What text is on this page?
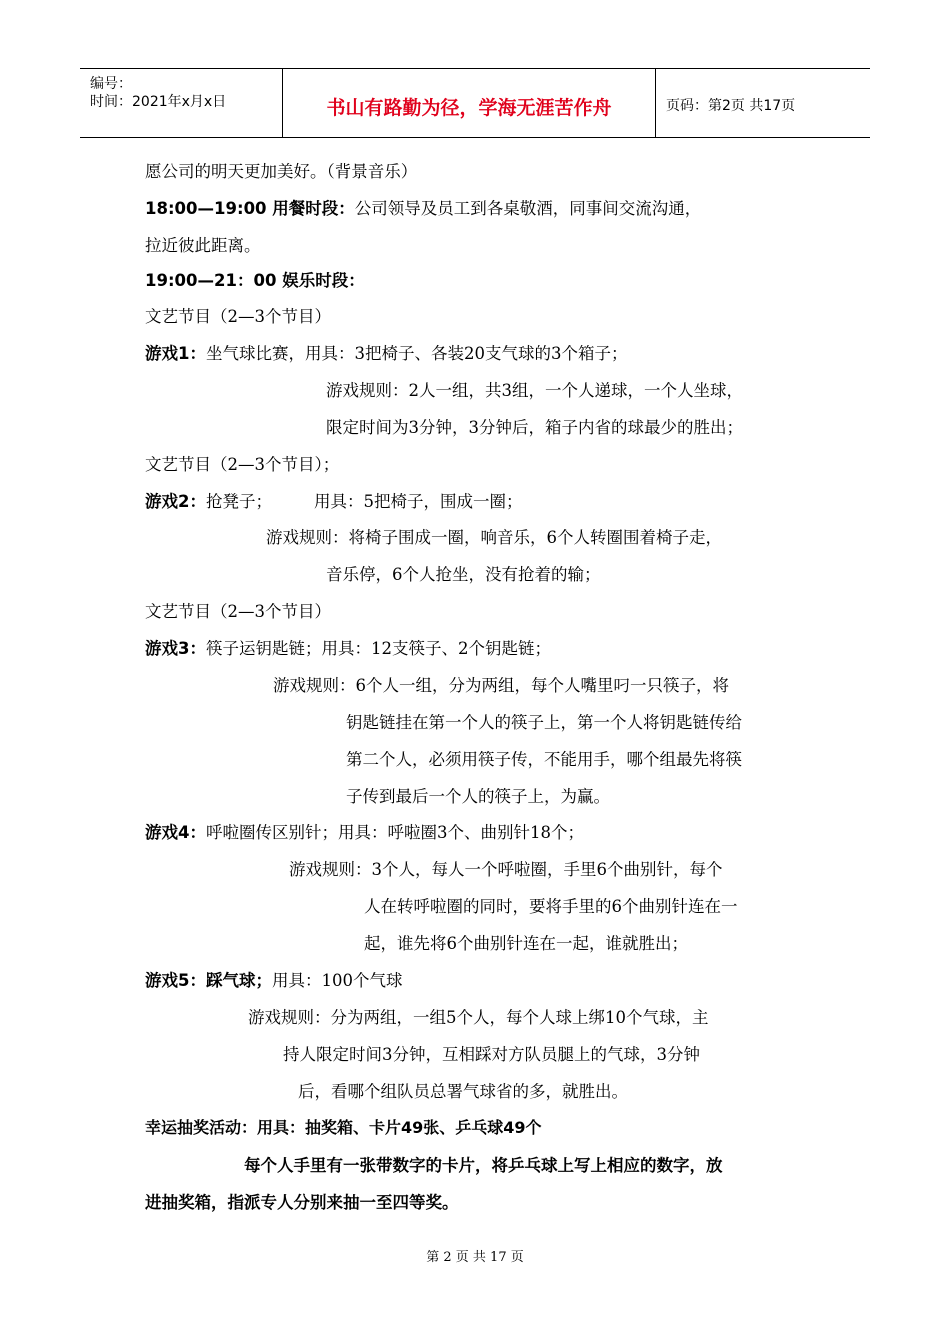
编号：
时间：2021年x月x日	书山有路勤为径，学海无涯苦作舟	页码：第2页 共17页
愿公司的明天更加美好。（背景音乐）
18:00—19:00 用餐时段：公司领导及员工到各桌敬酒，同事间交流沟通，
拉近彼此距离。
19:00—21：00 娱乐时段：
文艺节目（2—3个节目）
游戏1：坐气球比赛，用具：3把椅子、各装20支气球的3个箱子；
游戏规则：2人一组，共3组，一个人递球，一个人坐球，
限定时间为3分钟，3分钟后，箱子内省的球最少的胜出；
文艺节目（2—3个节目）；
游戏2：抢凳子；        用具：5把椅子，围成一圈；
游戏规则：将椅子围成一圈，响音乐，6个人转圈围着椅子走，
音乐停，6个人抢坐，没有抢着的输；
文艺节目（2—3个节目）
游戏3：筷子运钥匙链；用具：12支筷子、2个钥匙链；
游戏规则：6个人一组，分为两组，每个人嘴里叼一只筷子，将
钥匙链挂在第一个人的筷子上，第一个人将钥匙链传给
第二个人，必须用筷子传，不能用手，哪个组最先将筷
子传到最后一个人的筷子上，为赢。
游戏4：呼啦圈传区别针；用具：呼啦圈3个、曲别针18个；
游戏规则：3个人，每人一个呼啦圈，手里6个曲别针，每个
人在转呼啦圈的同时，要将手里的6个曲别针连在一
起，谁先将6个曲别针连在一起，谁就胜出；
游戏5：踩气球；用具：100个气球
游戏规则：分为两组，一组5个人，每个人球上绑10个气球，主
持人限定时间3分钟，互相踩对方队员腿上的气球，3分钟
后，看哪个组队员总署气球省的多，就胜出。
幸运抽奖活动：用具：抽奖箱、卡片49张、乒乓球49个
每个人手里有一张带数字的卡片，将乒乓球上写上相应的数字，放
进抽奖箱，指派专人分别来抽一至四等奖。
第 2 页 共 17 页
